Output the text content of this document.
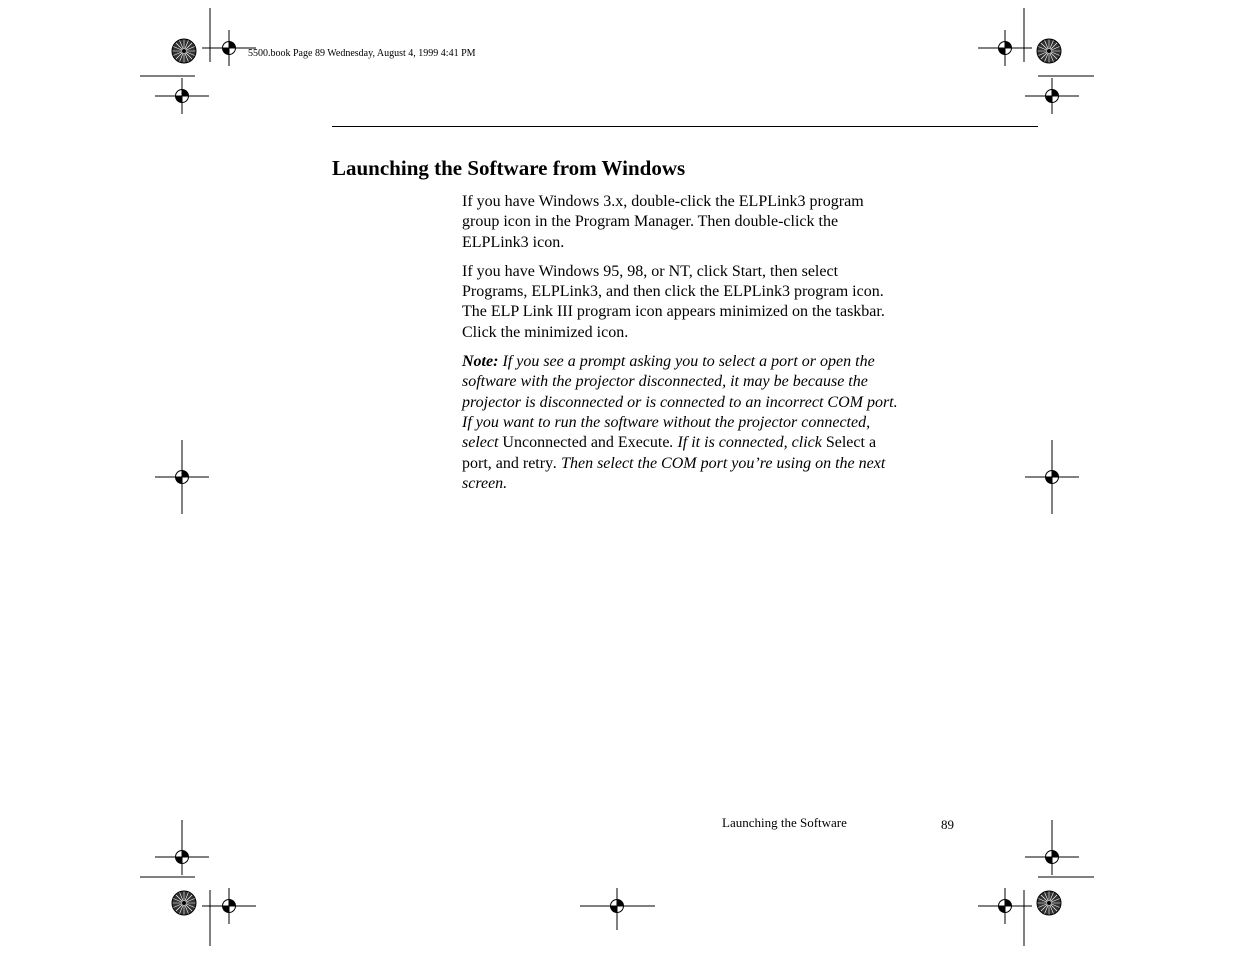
5500.book Page 89 Wednesday, August 4, 1999 4:41 PM
Launching the Software from Windows

If you have Windows 3.x, double-click the ELPLink3 program
group icon in the Program Manager. Then double-click the
ELPLink3 icon.

If you have Windows 95, 98, or NT, click Start, then select
Programs, ELPLink3, and then click the ELPLink3 program icon.
The ELP Link III program icon appears minimized on the taskbar.
Click the minimized icon.

Note: If you see a prompt asking you to select a port or open the
software with the projector disconnected, it may be because the
projector is disconnected or is connected to an incorrect COM port.
If you want to run the software without the projector connected,
select Unconnected and Execute. If it is connected, click Select a
port, and retry. Then select the COM port you’re using on the next
screen.

Launching the Software	89
